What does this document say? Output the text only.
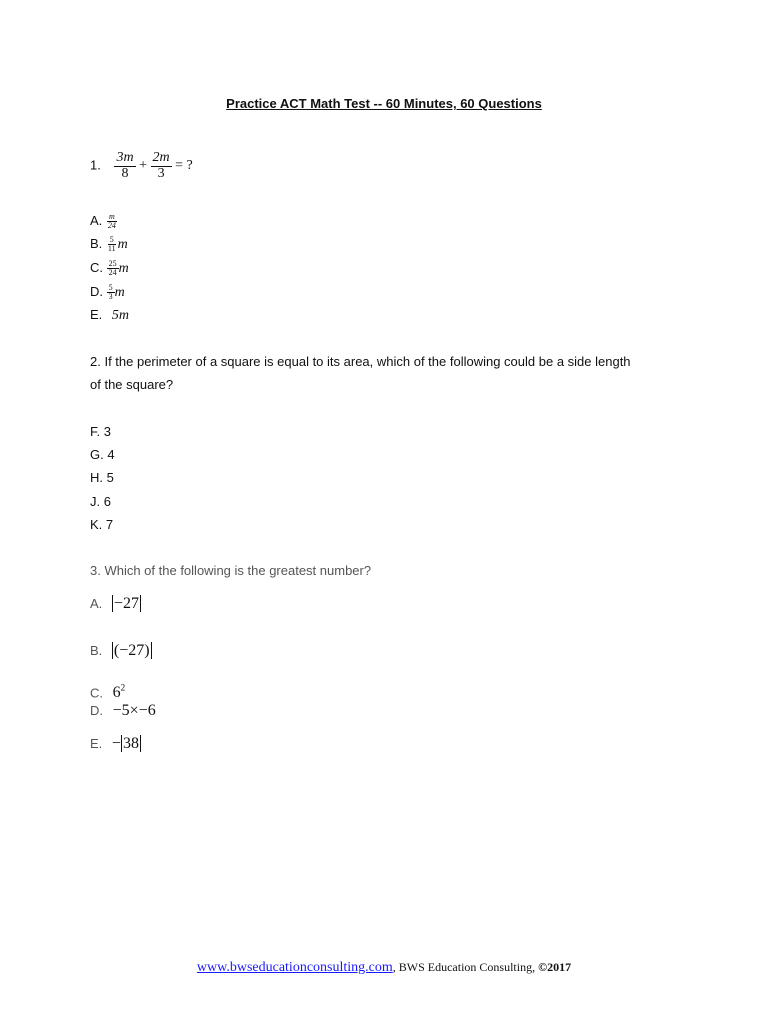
Practice ACT Math Test -- 60 Minutes, 60 Questions
1. $\frac{3m}{8} + \frac{2m}{3}$ = ?
A. $\frac{m}{24}$
B. $\frac{5}{11}$ m
C. $\frac{25}{24}$ m
D. $\frac{5}{3}$ m
E. 5m
2. If the perimeter of a square is equal to its area, which of the following could be a side length
of the square?
F. 3
G. 4
H. 5
J. 6
K. 7
3. Which of the following is the greatest number?
A. −27
B. (−27)
C. $6^2$
D. −5×−6
E. − 38
www.bwseducationconsulting.com, BWS Education Consulting, ©2017
